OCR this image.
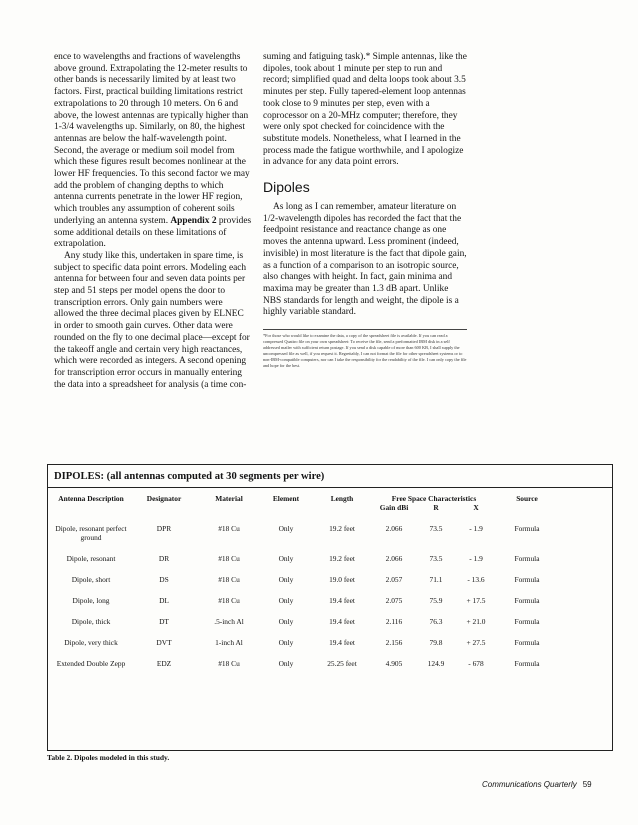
ence to wavelengths and fractions of wavelengths above ground. Extrapolating the 12-meter results to other bands is necessarily limited by at least two factors. First, practical building limitations restrict extrapolations to 20 through 10 meters. On 6 and above, the lowest antennas are typically higher than 1-3/4 wavelengths up. Similarly, on 80, the highest antennas are below the half-wavelength point. Second, the average or medium soil model from which these figures result becomes nonlinear at the lower HF frequencies. To this second factor we may add the problem of changing depths to which antenna currents penetrate in the lower HF region, which troubles any assumption of coherent soils underlying an antenna system. Appendix 2 provides some additional details on these limitations of extrapolation.

Any study like this, undertaken in spare time, is subject to specific data point errors. Modeling each antenna for between four and seven data points per step and 51 steps per model opens the door to transcription errors. Only gain numbers were allowed the three decimal places given by ELNEC in order to smooth gain curves. Other data were rounded on the fly to one decimal place—except for the takeoff angle and certain very high reactances, which were recorded as integers. A second opening for transcription error occurs in manually entering the data into a spreadsheet for analysis (a time con-

suming and fatiguing task).* Simple antennas, like the dipoles, took about 1 minute per step to run and record; simplified quad and delta loops took about 3.5 minutes per step. Fully tapered-element loop antennas took close to 9 minutes per step, even with a coprocessor on a 20-MHz computer; therefore, they were only spot checked for coincidence with the substitute models. Nonetheless, what I learned in the process made the fatigue worthwhile, and I apologize in advance for any data point errors.

Dipoles

As long as I can remember, amateur literature on 1/2-wavelength dipoles has recorded the fact that the feedpoint resistance and reactance change as one moves the antenna upward. Less prominent (indeed, invisible) in most literature is the fact that dipole gain, as a function of a comparison to an isotropic source, also changes with height. In fact, gain minima and maxima may be greater than 1.3 dB apart. Unlike NBS standards for length and weight, the dipole is a highly variable standard.

*For those who would like to examine the data, a copy of the spreadsheet file is available. If you can read a compressed Quattro file on your own spreadsheet: To receive the file, send a preformatted IBM disk in a self addressed mailer with sufficient return postage. If you send a disk capable of more than 600 KB, I shall supply the uncompressed file as well, if you request it. Regrettably, I can not format the file for other spreadsheet systems or to non-IBM-compatible computers, nor can I take the responsibility for the readability of the file. I can only copy the file and hope for the best.
DIPOLES: (all antennas computed at 30 segments per wire)
Antenna Description	Designator	Material	Element	Length	Free Space Characteristics			Source
					Gain dBi	R	X	
Dipole, resonant perfect ground	DPR	#18 Cu	Only	19.2 feet	2.066	73.5	- 1.9	Formula
Dipole, resonant	DR	#18 Cu	Only	19.2 feet	2.066	73.5	- 1.9	Formula
Dipole, short	DS	#18 Cu	Only	19.0 feet	2.057	71.1	- 13.6	Formula
Dipole, long	DL	#18 Cu	Only	19.4 feet	2.075	75.9	+ 17.5	Formula
Dipole, thick	DT	.5-inch Al	Only	19.4 feet	2.116	76.3	+ 21.0	Formula
Dipole, very thick	DVT	1-inch Al	Only	19.4 feet	2.156	79.8	+ 27.5	Formula
Extended Double Zepp	EDZ	#18 Cu	Only	25.25 feet	4.905	124.9	- 678	Formula
Table 2. Dipoles modeled in this study.
Communications Quarterly 59
